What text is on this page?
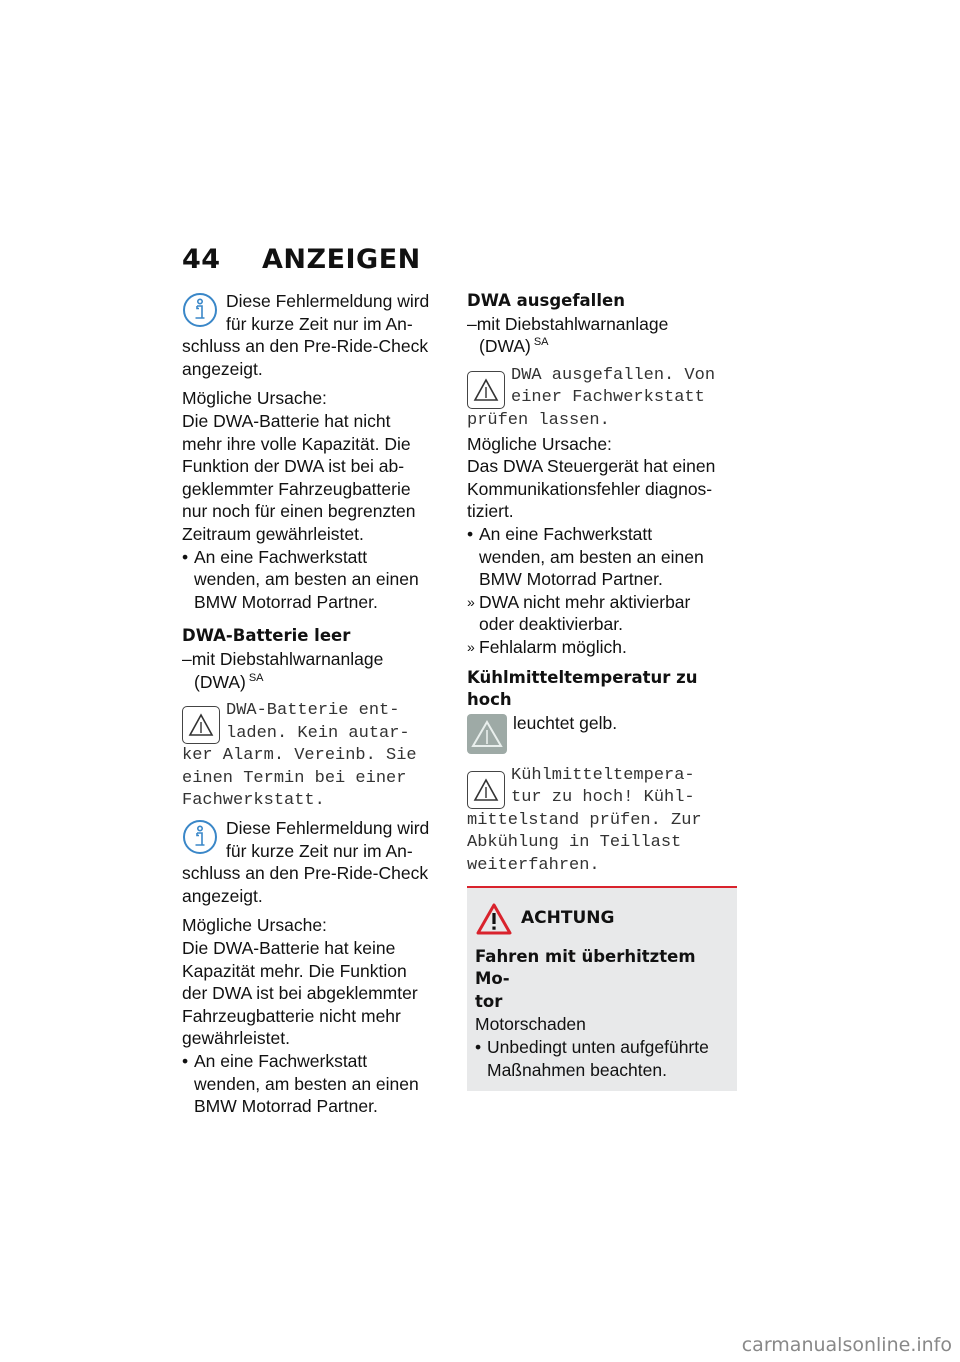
44 ANZEIGEN

Diese Fehlermeldung wird

für kurze Zeit nur im An-

schluss an den Pre-Ride-Check

angezeigt.

Mögliche Ursache:

Die DWA-Batterie hat nicht

mehr ihre volle Kapazität. Die

Funktion der DWA ist bei ab-

geklemmter Fahrzeugbatterie

nur noch für einen begrenzten

Zeitraum gewährleistet.

• An eine Fachwerkstatt

wenden, am besten an einen

BMW Motorrad Partner.

DWA-Batterie leer

–mit Diebstahlwarnanlage

(DWA) $^{SA}$

DWA-Batterie ent-

laden. Kein autar-

ker Alarm. Vereinb. Sie

einen Termin bei einer

Fachwerkstatt.

Diese Fehlermeldung wird

für kurze Zeit nur im An-

schluss an den Pre-Ride-Check

angezeigt.

Mögliche Ursache:

Die DWA-Batterie hat keine

Kapazität mehr. Die Funktion

der DWA ist bei abgeklemmter

Fahrzeugbatterie nicht mehr

gewährleistet.

• An eine Fachwerkstatt

wenden, am besten an einen

BMW Motorrad Partner.

DWA ausgefallen

–mit Diebstahlwarnanlage

(DWA) $^{SA}$

DWA ausgefallen. Von

einer Fachwerkstatt

prüfen lassen.

Mögliche Ursache:

Das DWA Steuergerät hat einen

Kommunikationsfehler diagnos-

tiziert.

• An eine Fachwerkstatt

wenden, am besten an einen

BMW Motorrad Partner.

» DWA nicht mehr aktivierbar

oder deaktivierbar.

» Fehlalarm möglich.

Kühlmitteltemperatur zu hoch

leuchtet gelb.

Kühlmitteltempera-

tur zu hoch! Kühl-

mittelstand prüfen. Zur

Abkühlung in Teillast

weiterfahren.

ACHTUNG

Fahren mit überhitztem Mo-

tor

Motorschaden

• Unbedingt unten aufgeführte

Maßnahmen beachten.

carmanualsonline.info
